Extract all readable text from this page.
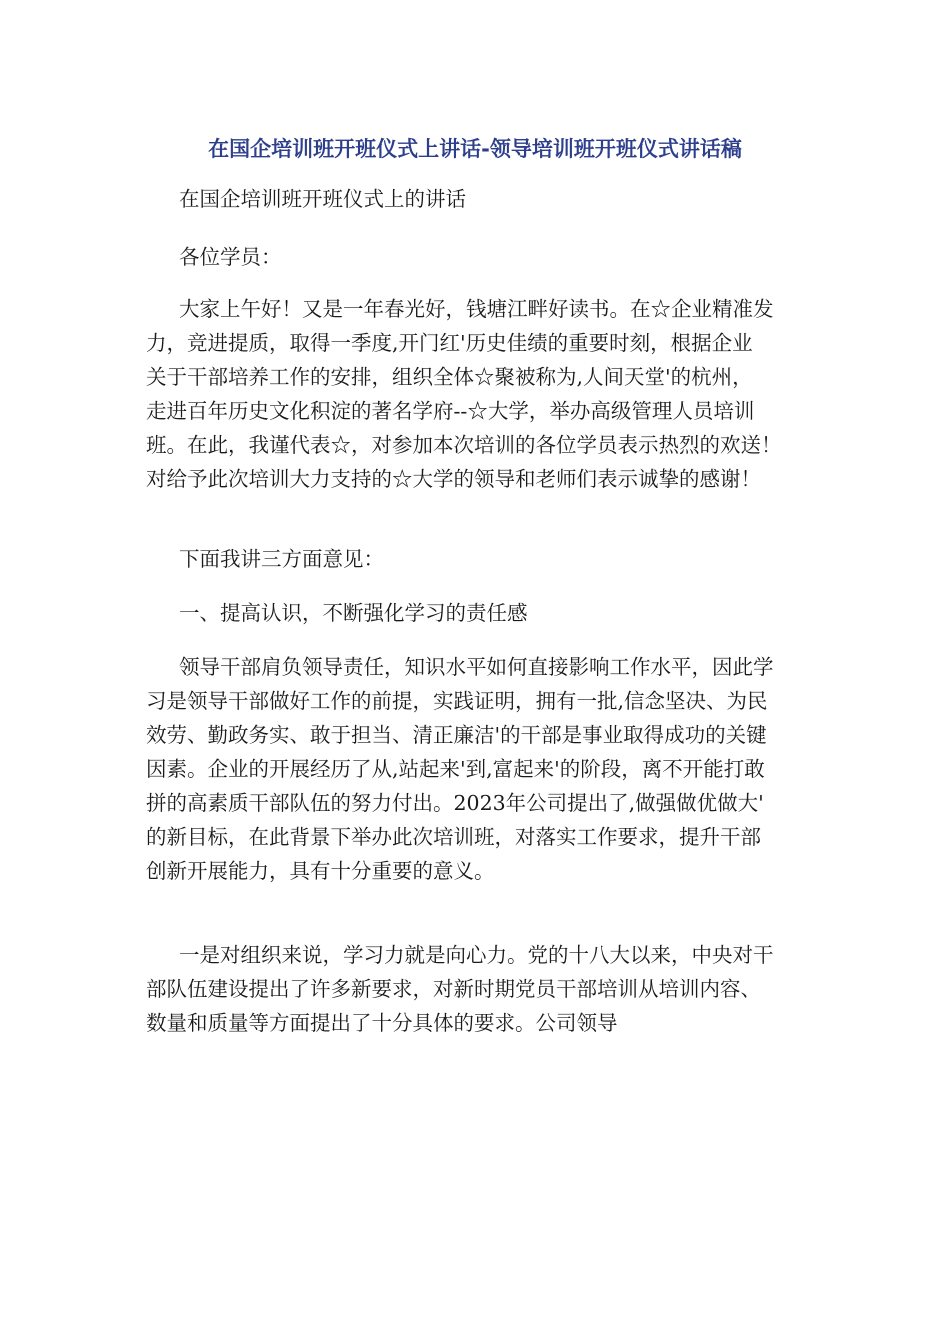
在国企培训班开班仪式上讲话-领导培训班开班仪式讲话稿
在国企培训班开班仪式上的讲话
各位学员：
大家上午好！又是一年春光好，钱塘江畔好读书。在☆企业精准发
力，竞进提质，取得一季度,开门红'历史佳绩的重要时刻，根据企业
关于干部培养工作的安排，组织全体☆聚被称为,人间天堂'的杭州，
走进百年历史文化积淀的著名学府--☆大学，举办高级管理人员培训
班。在此，我谨代表☆，对参加本次培训的各位学员表示热烈的欢送！
对给予此次培训大力支持的☆大学的领导和老师们表示诚挚的感谢！
下面我讲三方面意见：
一、提高认识，不断强化学习的责任感
领导干部肩负领导责任，知识水平如何直接影响工作水平，因此学
习是领导干部做好工作的前提，实践证明，拥有一批,信念坚决、为民
效劳、勤政务实、敢于担当、清正廉洁'的干部是事业取得成功的关键
因素。企业的开展经历了从,站起来'到,富起来'的阶段，离不开能打敢
拼的高素质干部队伍的努力付出。2023年公司提出了,做强做优做大'
的新目标，在此背景下举办此次培训班，对落实工作要求，提升干部
创新开展能力，具有十分重要的意义。
一是对组织来说，学习力就是向心力。党的十八大以来，中央对干
部队伍建设提出了许多新要求，对新时期党员干部培训从培训内容、
数量和质量等方面提出了十分具体的要求。公司领导
